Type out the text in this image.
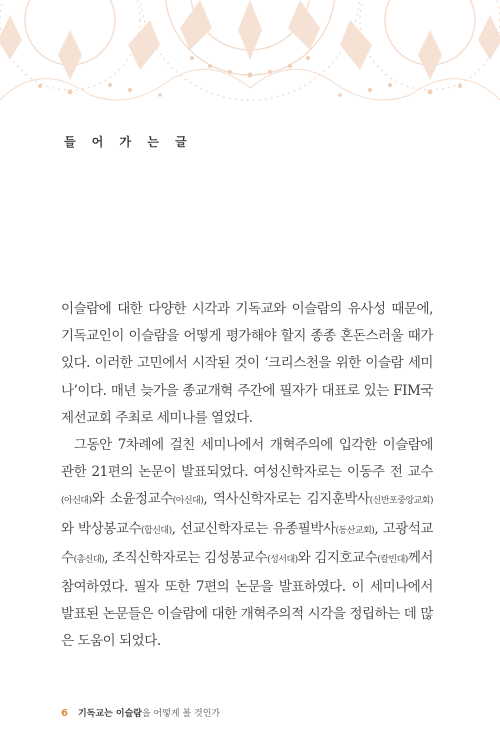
들 어 가 는 글

이슬람에 대한 다양한 시각과 기독교와 이슬람의 유사성 때문에, 기독교인이 이슬람을 어떻게 평가해야 할지 종종 혼돈스러울 때가 있다. 이러한 고민에서 시작된 것이 ‘크리스천을 위한 이슬람 세미나’이다. 매년 늦가을 종교개혁 주간에 필자가 대표로 있는 FIM국제선교회 주최로 세미나를 열었다.

그동안 7차례에 걸친 세미나에서 개혁주의에 입각한 이슬람에 관한 21편의 논문이 발표되었다. 여성신학자로는 이동주 전 교수(아신대)와 소윤정교수(아신대), 역사신학자로는 김지훈박사(신반포중앙교회)와 박상봉교수(합신대), 선교신학자로는 유종필박사(동산교회), 고광석교수(총신대), 조직신학자로는 김성봉교수(성서대)와 김지호교수(칼빈대)께서 참여하였다. 필자 또한 7편의 논문을 발표하였다. 이 세미나에서 발표된 논문들은 이슬람에 대한 개혁주의적 시각을 정립하는 데 많은 도움이 되었다.

6 기독교는 이슬람을 어떻게 볼 것인가
